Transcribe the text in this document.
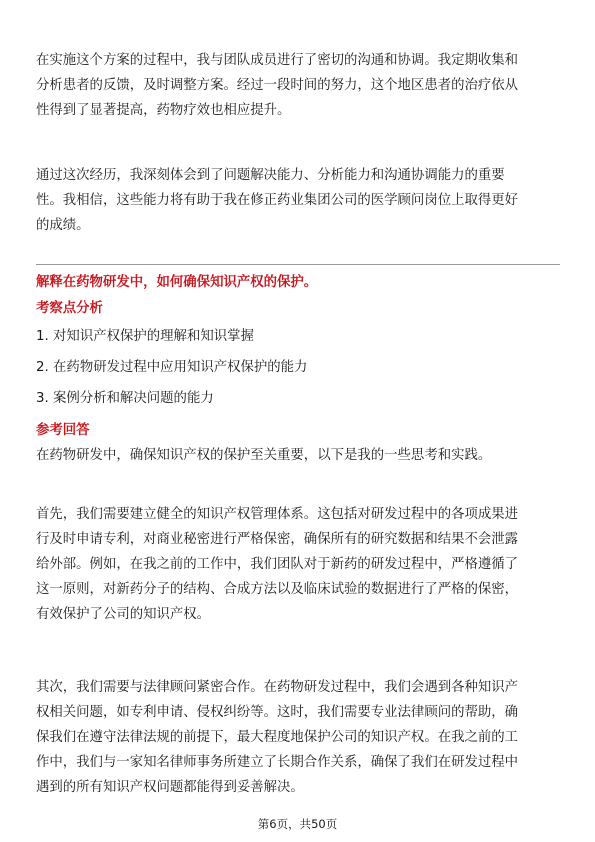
在实施这个方案的过程中，我与团队成员进行了密切的沟通和协调。我定期收集和
分析患者的反馈，及时调整方案。经过一段时间的努力，这个地区患者的治疗依从
性得到了显著提高，药物疗效也相应提升。
通过这次经历，我深刻体会到了问题解决能力、分析能力和沟通协调能力的重要
性。我相信，这些能力将有助于我在修正药业集团公司的医学顾问岗位上取得更好
的成绩。
解释在药物研发中，如何确保知识产权的保护。
考察点分析
1. 对知识产权保护的理解和知识掌握
2. 在药物研发过程中应用知识产权保护的能力
3. 案例分析和解决问题的能力
参考回答
在药物研发中，确保知识产权的保护至关重要，以下是我的一些思考和实践。
首先，我们需要建立健全的知识产权管理体系。这包括对研发过程中的各项成果进
行及时申请专利，对商业秘密进行严格保密，确保所有的研究数据和结果不会泄露
给外部。例如，在我之前的工作中，我们团队对于新药的研发过程中，严格遵循了
这一原则，对新药分子的结构、合成方法以及临床试验的数据进行了严格的保密，
有效保护了公司的知识产权。
其次，我们需要与法律顾问紧密合作。在药物研发过程中，我们会遇到各种知识产
权相关问题，如专利申请、侵权纠纷等。这时，我们需要专业法律顾问的帮助，确
保我们在遵守法律法规的前提下，最大程度地保护公司的知识产权。在我之前的工
作中，我们与一家知名律师事务所建立了长期合作关系，确保了我们在研发过程中
遇到的所有知识产权问题都能得到妥善解决。
第6页，共50页
